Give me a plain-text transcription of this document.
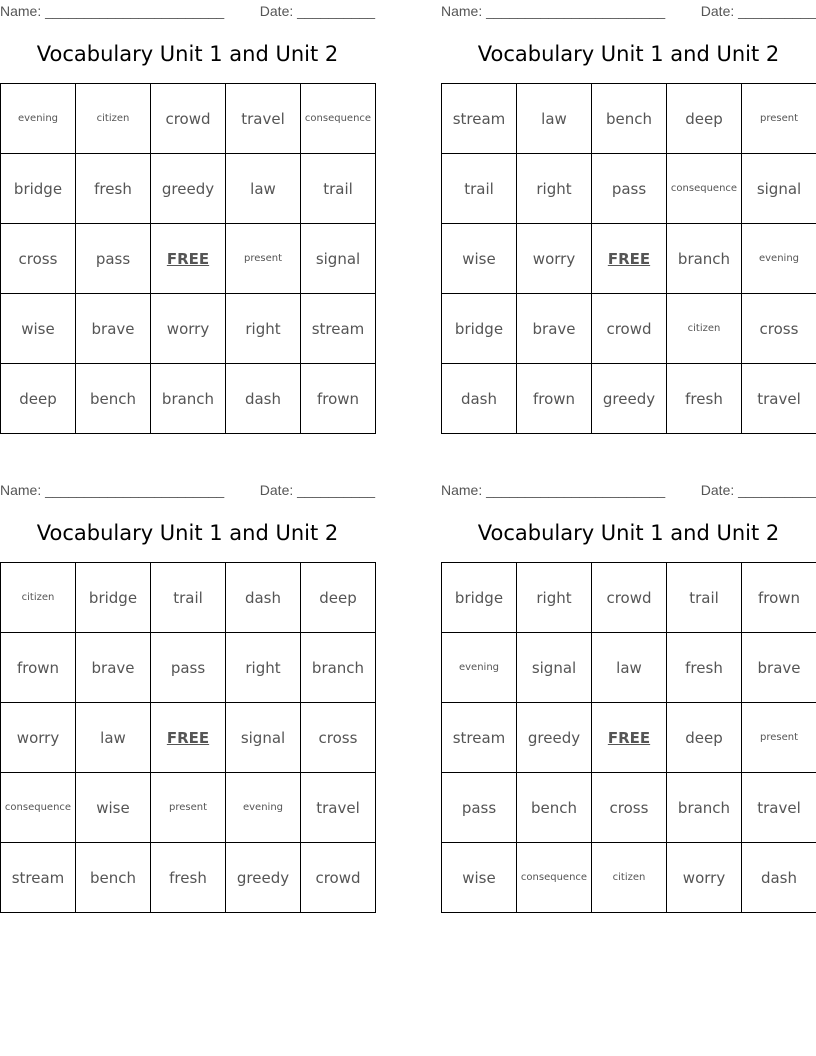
Name: _______________________	Date: __________
Vocabulary Unit 1 and Unit 2
evening	citizen	crowd	travel	consequence
bridge	fresh	greedy	law	trail
cross	pass	FREE	present	signal
wise	brave	worry	right	stream
deep	bench	branch	dash	frown
Name: _______________________	Date: __________
Vocabulary Unit 1 and Unit 2
stream	law	bench	deep	present
trail	right	pass	consequence	signal
wise	worry	FREE	branch	evening
bridge	brave	crowd	citizen	cross
dash	frown	greedy	fresh	travel
Name: _______________________	Date: __________
Vocabulary Unit 1 and Unit 2
citizen	bridge	trail	dash	deep
frown	brave	pass	right	branch
worry	law	FREE	signal	cross
consequence	wise	present	evening	travel
stream	bench	fresh	greedy	crowd
Name: _______________________	Date: __________
Vocabulary Unit 1 and Unit 2
bridge	right	crowd	trail	frown
evening	signal	law	fresh	brave
stream	greedy	FREE	deep	present
pass	bench	cross	branch	travel
wise	consequence	citizen	worry	dash
